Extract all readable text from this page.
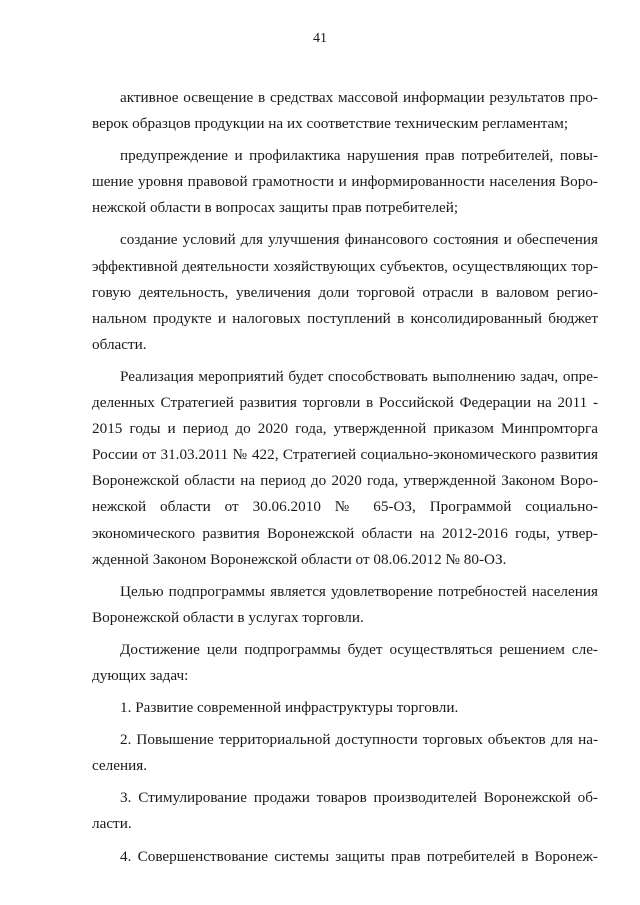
41

активное освещение в средствах массовой информации результатов про-
верок образцов продукции на их соответствие техническим регламентам;

предупреждение и профилактика нарушения прав потребителей, повы-
шение уровня правовой грамотности и информированности населения Воро-
нежской области в вопросах защиты прав потребителей;

создание условий для улучшения финансового состояния и обеспечения
эффективной деятельности хозяйствующих субъектов, осуществляющих тор-
говую деятельность, увеличения доли торговой отрасли в валовом регио-
нальном продукте и налоговых поступлений в консолидированный бюджет
области.

Реализация мероприятий будет способствовать выполнению задач, опре-
деленных Стратегией развития торговли в Российской Федерации на 2011 -
2015 годы и период до 2020 года, утвержденной приказом Минпромторга
России от 31.03.2011 № 422, Стратегией социально-экономического развития
Воронежской области на период до 2020 года, утвержденной Законом Воро-
нежской области от 30.06.2010 № 65-ОЗ, Программой социально-
экономического развития Воронежской области на 2012-2016 годы, утвер-
жденной Законом Воронежской области от 08.06.2012 № 80-ОЗ.

Целью подпрограммы является удовлетворение потребностей населения
Воронежской области в услугах торговли.

Достижение цели подпрограммы будет осуществляться решением сле-
дующих задач:

1. Развитие современной инфраструктуры торговли.

2. Повышение территориальной доступности торговых объектов для на-
селения.

3. Стимулирование продажи товаров производителей Воронежской об-
ласти.

4. Совершенствование системы защиты прав потребителей в Воронеж-
